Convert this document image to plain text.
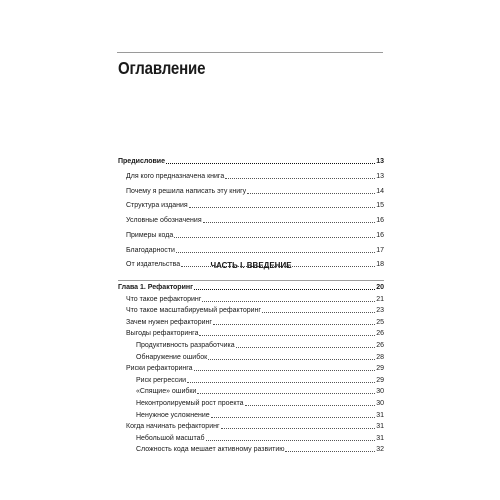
Оглавление
Предисловие	13
Для кого предназначена книга	13
Почему я решила написать эту книгу	14
Структура издания	15
Условные обозначения	16
Примеры кода	16
Благодарности	17
От издательства	18
ЧАСТЬ I. ВВЕДЕНИЕ
Глава 1. Рефакторинг	20
Что такое рефакторинг	21
Что такое масштабируемый рефакторинг	23
Зачем нужен рефакторинг	25
Выгоды рефакторинга	26
Продуктивность разработчика	26
Обнаружение ошибок	28
Риски рефакторинга	29
Риск регрессии	29
«Спящие» ошибки	30
Неконтролируемый рост проекта	30
Ненужное усложнение	31
Когда начинать рефакторинг	31
Небольшой масштаб	31
Сложность кода мешает активному развитию	32
